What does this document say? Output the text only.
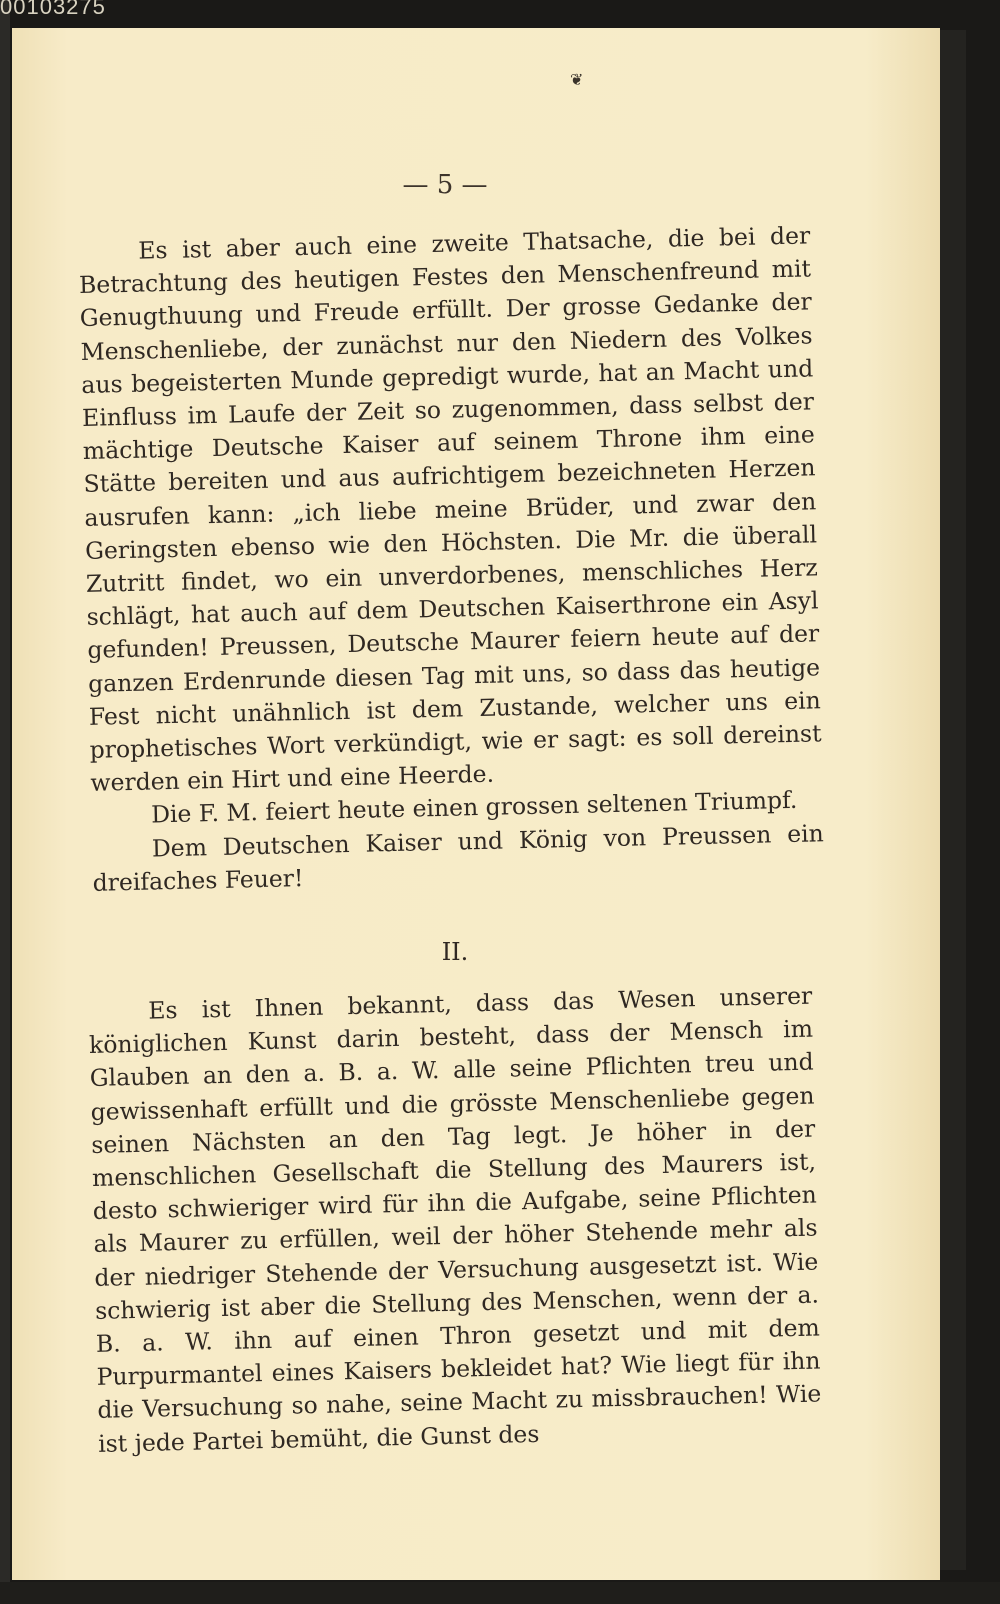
00103275
❦
— 5 —

Es ist aber auch eine zweite Thatsache, die bei der Betrachtung des heutigen Festes den Menschenfreund mit Genugthuung und Freude erfüllt. Der grosse Gedanke der Menschenliebe, der zunächst nur den Niedern des Volkes aus begeisterten Munde gepredigt wurde, hat an Macht und Einfluss im Laufe der Zeit so zugenommen, dass selbst der mächtige Deutsche Kaiser auf seinem Throne ihm eine Stätte bereiten und aus aufrichtigem bezeichneten Herzen ausrufen kann: „ich liebe meine Brüder, und zwar den Geringsten ebenso wie den Höchsten. Die Mr. die überall Zutritt findet, wo ein unverdorbenes, menschliches Herz schlägt, hat auch auf dem Deutschen Kaiserthrone ein Asyl gefunden! Preussen, Deutsche Maurer feiern heute auf der ganzen Erdenrunde diesen Tag mit uns, so dass das heutige Fest nicht unähnlich ist dem Zustande, welcher uns ein prophetisches Wort verkündigt, wie er sagt: es soll dereinst werden ein Hirt und eine Heerde.

Die F. M. feiert heute einen grossen seltenen Triumpf.

Dem Deutschen Kaiser und König von Preussen ein dreifaches Feuer!

II.

Es ist Ihnen bekannt, dass das Wesen unserer königlichen Kunst darin besteht, dass der Mensch im Glauben an den a. B. a. W. alle seine Pflichten treu und gewissenhaft erfüllt und die grösste Menschenliebe gegen seinen Nächsten an den Tag legt. Je höher in der menschlichen Gesellschaft die Stellung des Maurers ist, desto schwieriger wird für ihn die Aufgabe, seine Pflichten als Maurer zu erfüllen, weil der höher Stehende mehr als der niedriger Stehende der Versuchung ausgesetzt ist. Wie schwierig ist aber die Stellung des Menschen, wenn der a. B. a. W. ihn auf einen Thron gesetzt und mit dem Purpurmantel eines Kaisers bekleidet hat? Wie liegt für ihn die Versuchung so nahe, seine Macht zu missbrauchen! Wie ist jede Partei bemüht, die Gunst des
